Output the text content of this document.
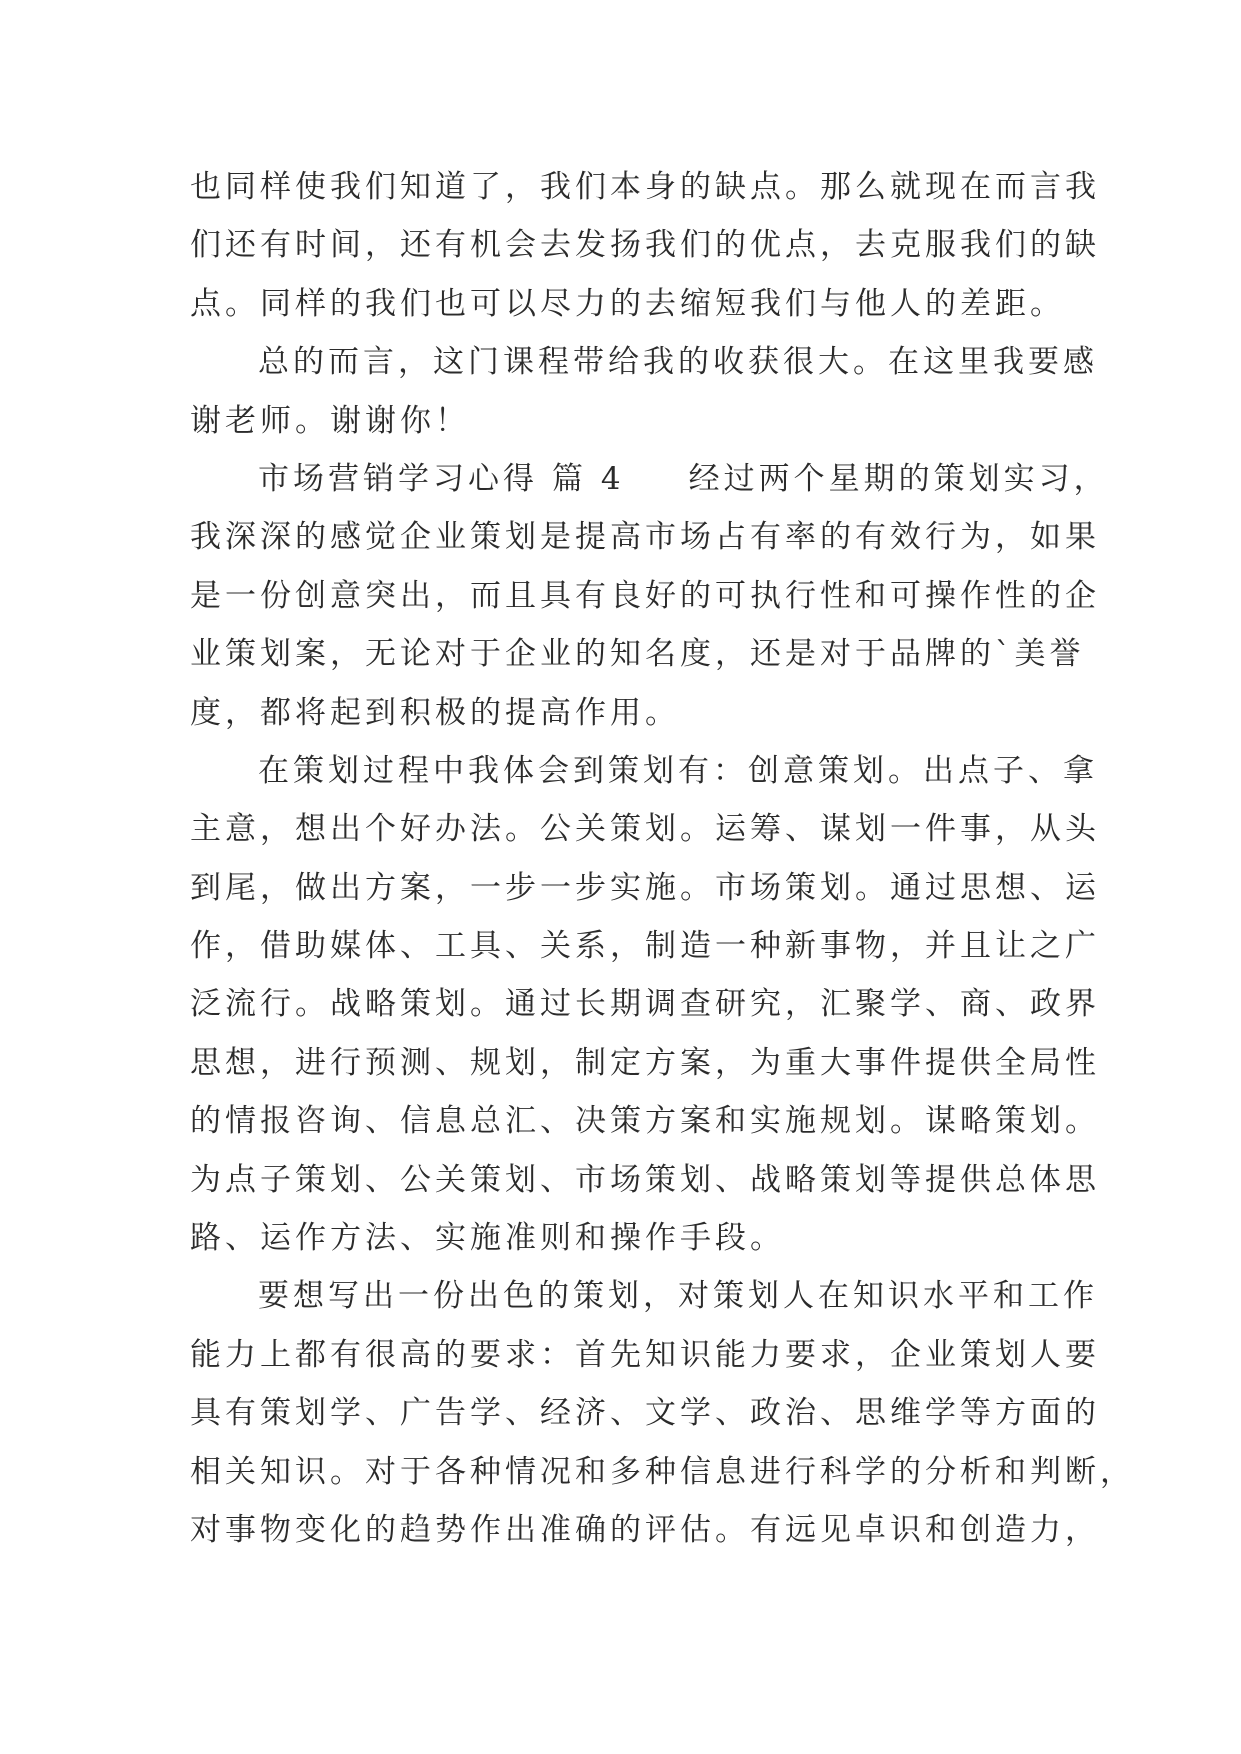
也同样使我们知道了，我们本身的缺点。那么就现在而言我
们还有时间，还有机会去发扬我们的优点，去克服我们的缺
点。同样的我们也可以尽力的去缩短我们与他人的差距。
总的而言，这门课程带给我的收获很大。在这里我要感
谢老师。谢谢你！
市场营销学习心得 篇 4 经过两个星期的策划实习，
我深深的感觉企业策划是提高市场占有率的有效行为，如果
是一份创意突出，而且具有良好的可执行性和可操作性的企
业策划案，无论对于企业的知名度，还是对于品牌的`美誉
度，都将起到积极的提高作用。
在策划过程中我体会到策划有：创意策划。出点子、拿
主意，想出个好办法。公关策划。运筹、谋划一件事，从头
到尾，做出方案，一步一步实施。市场策划。通过思想、运
作，借助媒体、工具、关系，制造一种新事物，并且让之广
泛流行。战略策划。通过长期调查研究，汇聚学、商、政界
思想，进行预测、规划，制定方案，为重大事件提供全局性
的情报咨询、信息总汇、决策方案和实施规划。谋略策划。
为点子策划、公关策划、市场策划、战略策划等提供总体思
路、运作方法、实施准则和操作手段。
要想写出一份出色的策划，对策划人在知识水平和工作
能力上都有很高的要求：首先知识能力要求，企业策划人要
具有策划学、广告学、经济、文学、政治、思维学等方面的
相关知识。对于各种情况和多种信息进行科学的分析和判断，
对事物变化的趋势作出准确的评估。有远见卓识和创造力，
